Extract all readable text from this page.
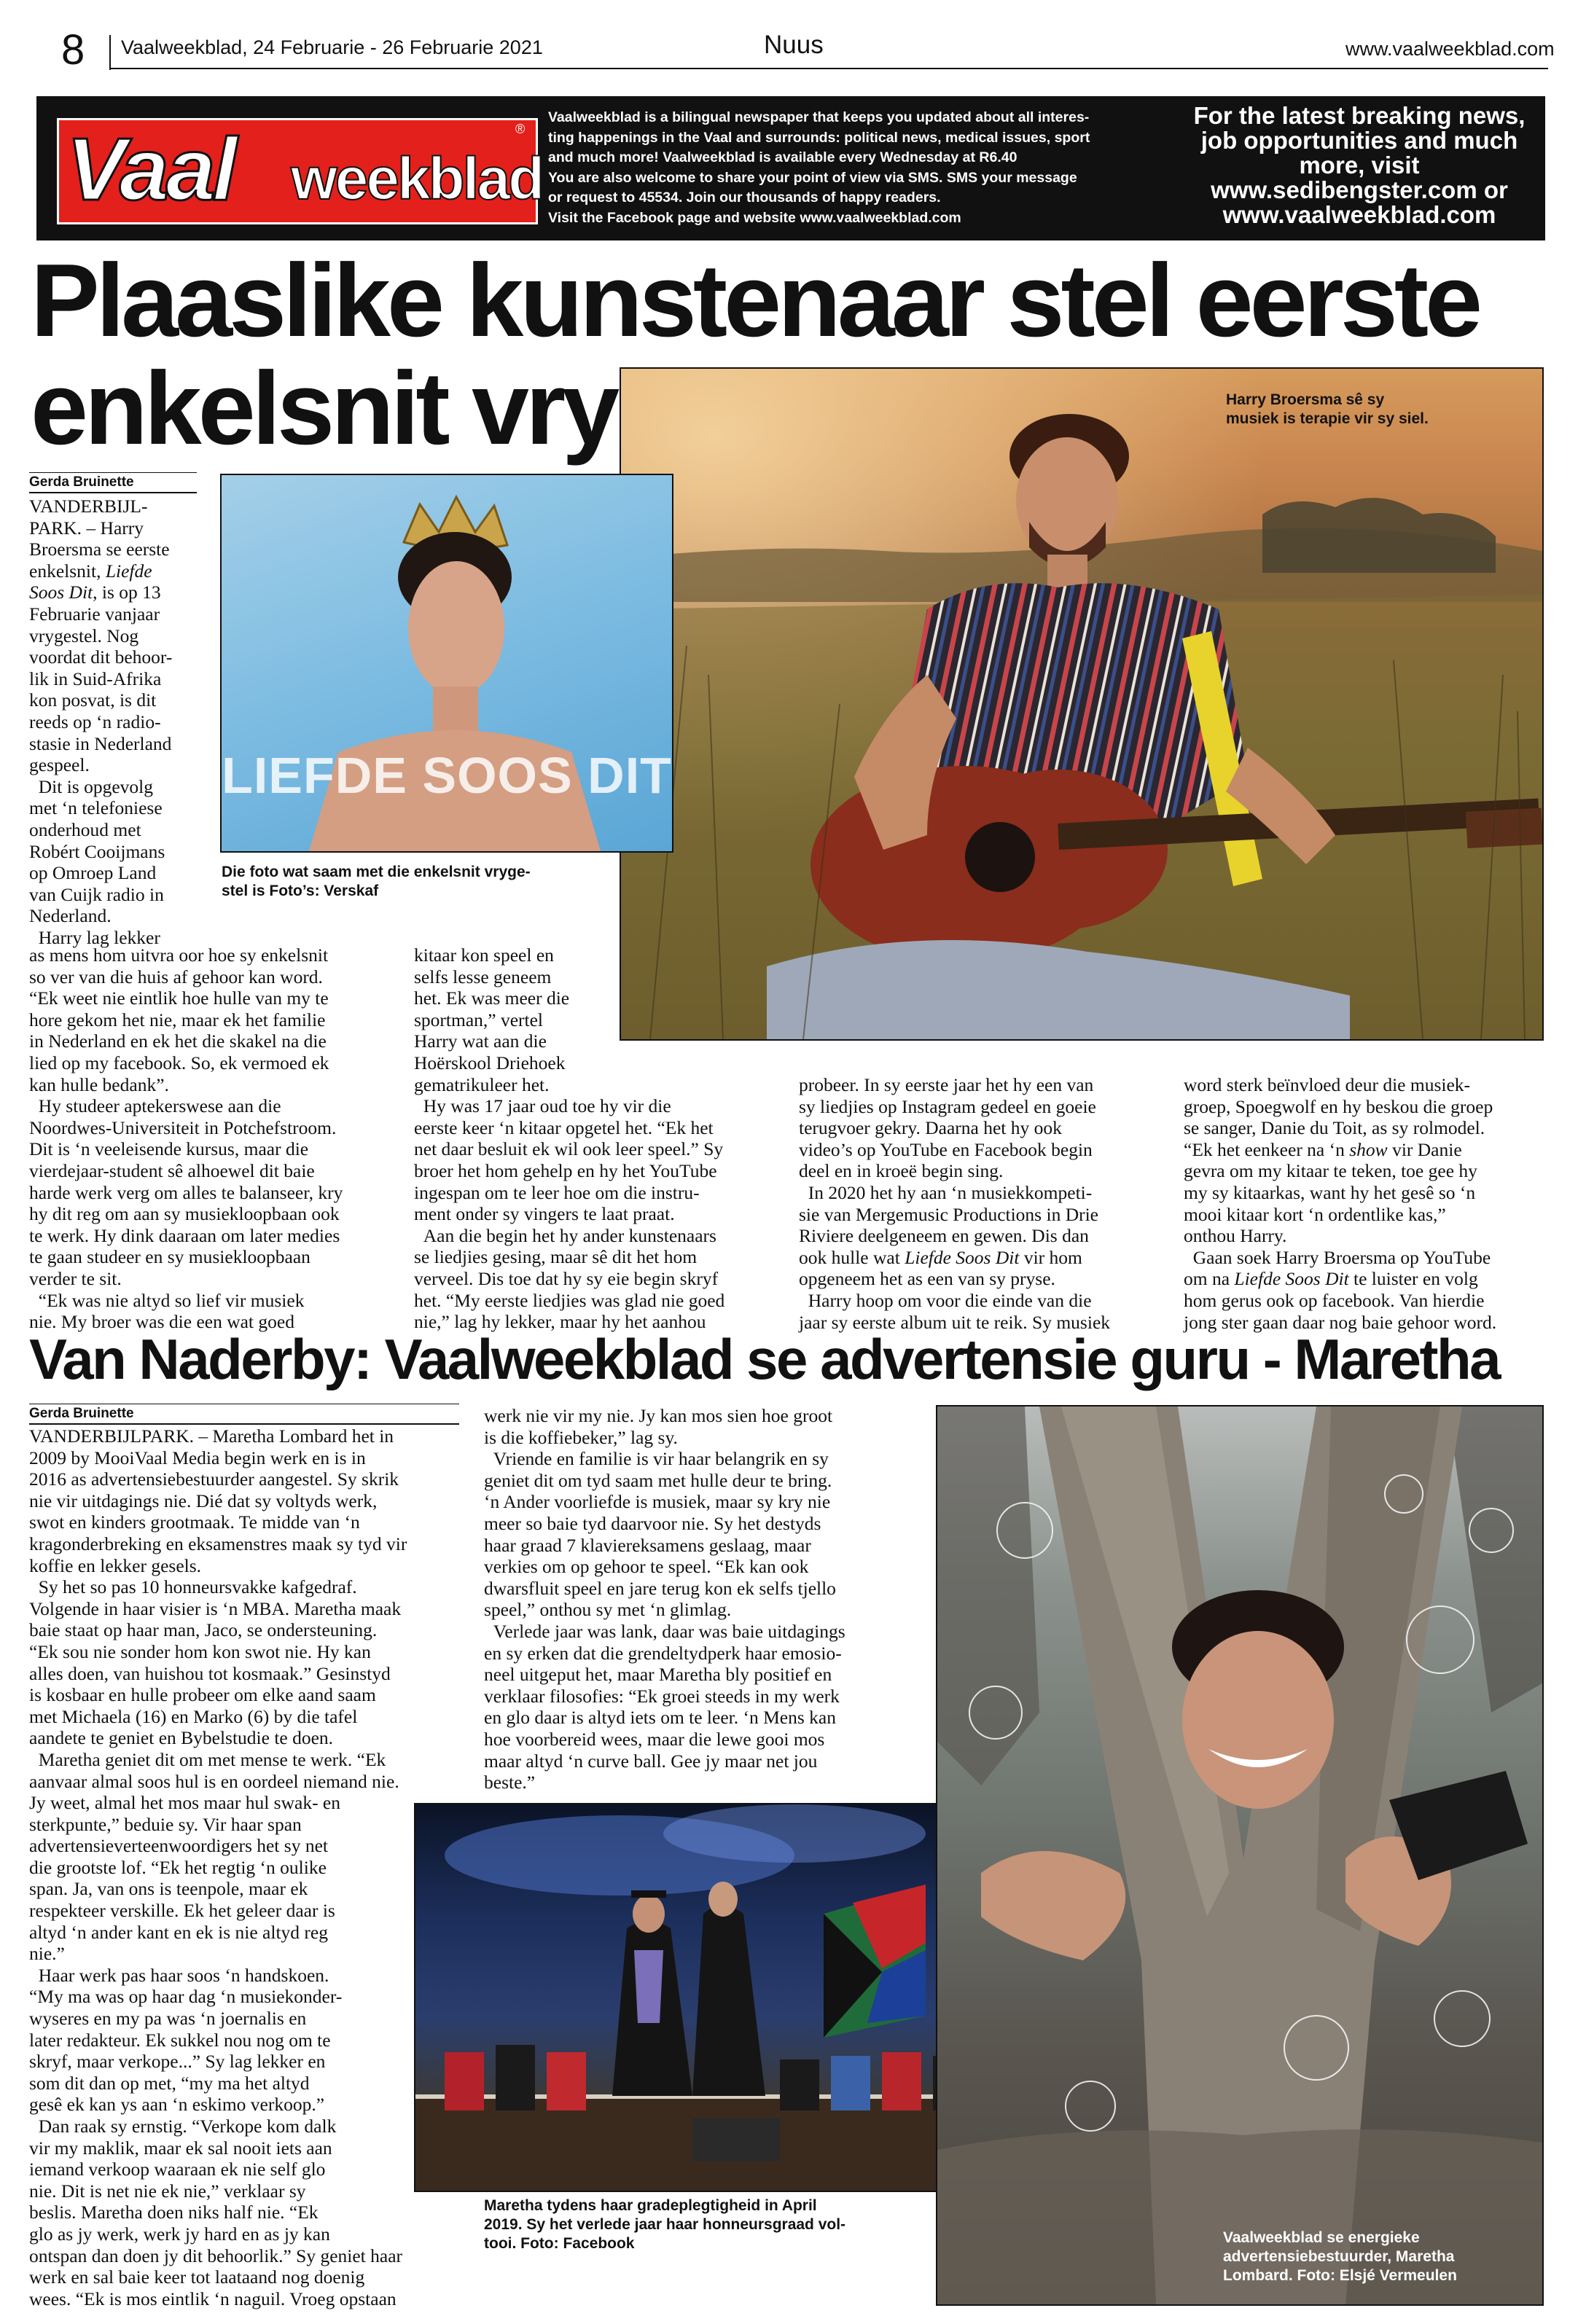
8 Vaalweekblad, 24 Februarie - 26 Februarie 2021	Nuus	www.vaalweekblad.com
Vaal weekblad
®
Vaalweekblad is a bilingual newspaper that keeps you updated about all interes-
ting happenings in the Vaal and surrounds: political news, medical issues, sport
and much more! Vaalweekblad is available every Wednesday at R6.40
You are also welcome to share your point of view via SMS. SMS your message
or request to 45534. Join our thousands of happy readers.
Visit the Facebook page and website www.vaalweekblad.com
For the latest breaking news,
job opportunities and much
more, visit
www.sedibengster.com or
www.vaalweekblad.com
Plaaslike kunstenaar stel eerste
enkelsnit vry	Harry Broersma sê sy
musiek is terapie vir sy siel.
Gerda Bruinette
VANDERBIJL-
PARK. – Harry
Broersma se eerste
enkelsnit, Liefde
Soos Dit, is op 13
Februarie vanjaar
vrygestel. Nog
voordat dit behoor-
lik in Suid-Afrika
kon posvat, is dit
reeds op ‘n radio-
stasie in Nederland
gespeel.
Dit is opgevolg
met ‘n telefoniese
onderhoud met
Robért Cooijmans
op Omroep Land
van Cuijk radio in
Nederland.
Harry lag lekker
LIEFDE SOOS DIT
Die foto wat saam met die enkelsnit vryge-
stel is Foto’s: Verskaf
as mens hom uitvra oor hoe sy enkelsnit
so ver van die huis af gehoor kan word.
“Ek weet nie eintlik hoe hulle van my te
hore gekom het nie, maar ek het familie
in Nederland en ek het die skakel na die
lied op my facebook. So, ek vermoed ek
kan hulle bedank”.
Hy studeer aptekerswese aan die
Noordwes-Universiteit in Potchefstroom.
Dit is ‘n veeleisende kursus, maar die
vierdejaar-student sê alhoewel dit baie
harde werk verg om alles te balanseer, kry
hy dit reg om aan sy musiekloopbaan ook
te werk. Hy dink daaraan om later medies
te gaan studeer en sy musiekloopbaan
verder te sit.
“Ek was nie altyd so lief vir musiek
nie. My broer was die een wat goed
kitaar kon speel en
selfs lesse geneem
het. Ek was meer die
sportman,” vertel
Harry wat aan die
Hoërskool Driehoek
gematrikuleer het.
Hy was 17 jaar oud toe hy vir die
eerste keer ‘n kitaar opgetel het. “Ek het
net daar besluit ek wil ook leer speel.” Sy
broer het hom gehelp en hy het YouTube
ingespan om te leer hoe om die instru-
ment onder sy vingers te laat praat.
Aan die begin het hy ander kunstenaars
se liedjies gesing, maar sê dit het hom
verveel. Dis toe dat hy sy eie begin skryf
het. “My eerste liedjies was glad nie goed
nie,” lag hy lekker, maar hy het aanhou
probeer. In sy eerste jaar het hy een van
sy liedjies op Instagram gedeel en goeie
terugvoer gekry. Daarna het hy ook
video’s op YouTube en Facebook begin
deel en in kroeë begin sing.
In 2020 het hy aan ‘n musiekkompeti-
sie van Mergemusic Productions in Drie
Riviere deelgeneem en gewen. Dis dan
ook hulle wat Liefde Soos Dit vir hom
opgeneem het as een van sy pryse.
Harry hoop om voor die einde van die
jaar sy eerste album uit te reik. Sy musiek
word sterk beïnvloed deur die musiek-
groep, Spoegwolf en hy beskou die groep
se sanger, Danie du Toit, as sy rolmodel.
“Ek het eenkeer na ‘n show vir Danie
gevra om my kitaar te teken, toe gee hy
my sy kitaarkas, want hy het gesê so ‘n
mooi kitaar kort ‘n ordentlike kas,”
onthou Harry.
Gaan soek Harry Broersma op YouTube
om na Liefde Soos Dit te luister en volg
hom gerus ook op facebook. Van hierdie
jong ster gaan daar nog baie gehoor word.
Van Naderby: Vaalweekblad se advertensie guru - Maretha
Gerda Bruinette
VANDERBIJLPARK. – Maretha Lombard het in
2009 by MooiVaal Media begin werk en is in
2016 as advertensiebestuurder aangestel. Sy skrik
nie vir uitdagings nie. Dié dat sy voltyds werk,
swot en kinders grootmaak. Te midde van ‘n
kragonderbreking en eksamenstres maak sy tyd vir
koffie en lekker gesels.
Sy het so pas 10 honneursvakke kafgedraf.
Volgende in haar visier is ‘n MBA. Maretha maak
baie staat op haar man, Jaco, se ondersteuning.
“Ek sou nie sonder hom kon swot nie. Hy kan
alles doen, van huishou tot kosmaak.” Gesinstyd
is kosbaar en hulle probeer om elke aand saam
met Michaela (16) en Marko (6) by die tafel
aandete te geniet en Bybelstudie te doen.
Maretha geniet dit om met mense te werk. “Ek
aanvaar almal soos hul is en oordeel niemand nie.
Jy weet, almal het mos maar hul swak- en
sterkpunte,” beduie sy. Vir haar span
advertensieverteenwoordigers het sy net
die grootste lof. “Ek het regtig ‘n oulike
span. Ja, van ons is teenpole, maar ek
respekteer verskille. Ek het geleer daar is
altyd ‘n ander kant en ek is nie altyd reg
nie.”
Haar werk pas haar soos ‘n handskoen.
“My ma was op haar dag ‘n musiekonder-
wyseres en my pa was ‘n joernalis en
later redakteur. Ek sukkel nou nog om te
skryf, maar verkope...” Sy lag lekker en
som dit dan op met, “my ma het altyd
gesê ek kan ys aan ‘n eskimo verkoop.”
Dan raak sy ernstig. “Verkope kom dalk
vir my maklik, maar ek sal nooit iets aan
iemand verkoop waaraan ek nie self glo
nie. Dit is net nie ek nie,” verklaar sy
beslis. Maretha doen niks half nie. “Ek
glo as jy werk, werk jy hard en as jy kan
ontspan dan doen jy dit behoorlik.” Sy geniet haar
werk en sal baie keer tot laataand nog doenig
wees. “Ek is mos eintlik ‘n naguil. Vroeg opstaan
werk nie vir my nie. Jy kan mos sien hoe groot
is die koffiebeker,” lag sy.
Vriende en familie is vir haar belangrik en sy
geniet dit om tyd saam met hulle deur te bring.
‘n Ander voorliefde is musiek, maar sy kry nie
meer so baie tyd daarvoor nie. Sy het destyds
haar graad 7 klaviereksamens geslaag, maar
verkies om op gehoor te speel. “Ek kan ook
dwarsfluit speel en jare terug kon ek selfs tjello
speel,” onthou sy met ‘n glimlag.
Verlede jaar was lank, daar was baie uitdagings
en sy erken dat die grendeltydperk haar emosio-
neel uitgeput het, maar Maretha bly positief en
verklaar filosofies: “Ek groei steeds in my werk
en glo daar is altyd iets om te leer. ‘n Mens kan
hoe voorbereid wees, maar die lewe gooi mos
maar altyd ‘n curve ball. Gee jy maar net jou
beste.”
Maretha tydens haar gradeplegtigheid in April
2019. Sy het verlede jaar haar honneursgraad vol-
tooi. Foto: Facebook	Vaalweekblad se energieke
advertensiebestuurder, Maretha
Lombard. Foto: Elsjé Vermeulen
